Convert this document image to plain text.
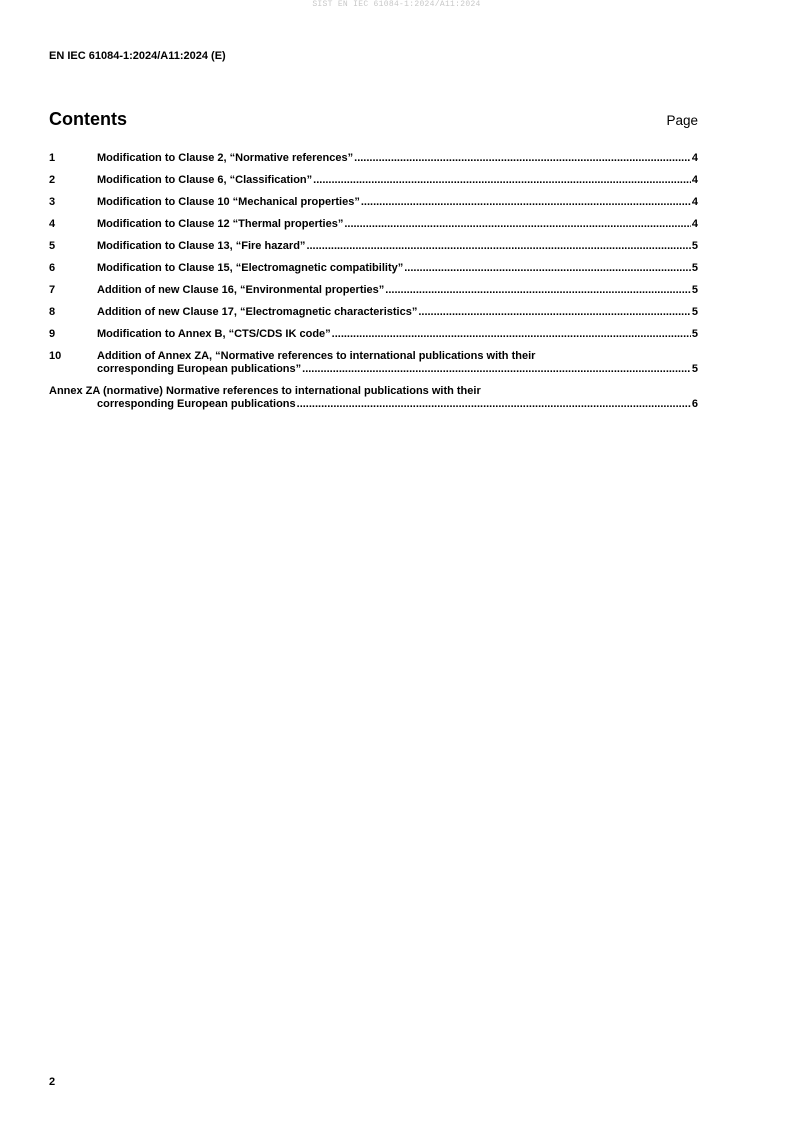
SIST EN IEC 61084-1:2024/A11:2024
EN IEC 61084-1:2024/A11:2024 (E)
Contents	Page
1	Modification to Clause 2, “Normative references” .....	4
2	Modification to Clause 6, “Classification” .....	4
3	Modification to Clause 10 “Mechanical properties” .....	4
4	Modification to Clause 12 “Thermal properties” .....	4
5	Modification to Clause 13, “Fire hazard” .....	5
6	Modification to Clause 15, “Electromagnetic compatibility” .....	5
7	Addition of new Clause 16, “Environmental properties” .....	5
8	Addition of new Clause 17, “Electromagnetic characteristics” .....	5
9	Modification to Annex B, “CTS/CDS IK code” .....	5
10	Addition of Annex ZA, “Normative references to international publications with their
corresponding European publications” .....	5
Annex ZA (normative) Normative references to international publications with their
corresponding European publications .....	6
2
